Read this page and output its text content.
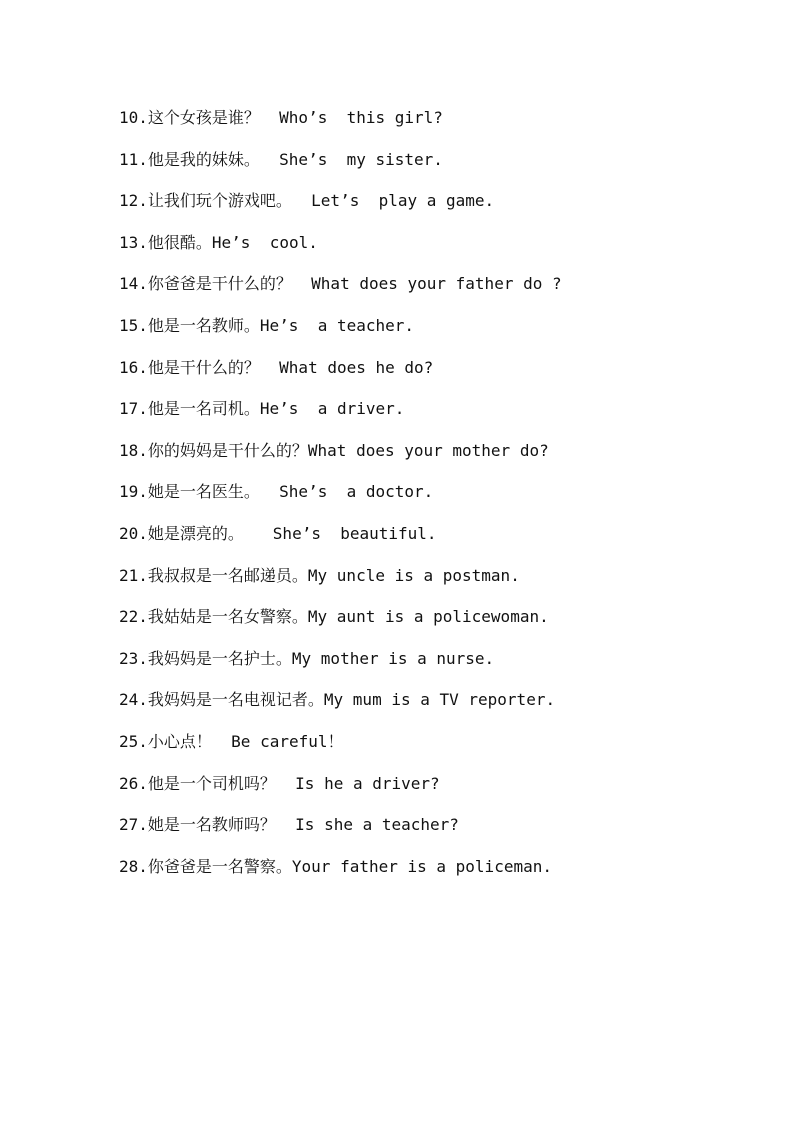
10.这个女孩是谁？  Who’s  this girl?
11.他是我的妹妹。  She’s  my sister.
12.让我们玩个游戏吧。  Let’s  play a game.
13.他很酷。He’s  cool.
14.你爸爸是干什么的？  What does your father do ?
15.他是一名教师。He’s  a teacher.
16.他是干什么的？  What does he do?
17.他是一名司机。He’s  a driver.
18.你的妈妈是干什么的？What does your mother do?
19.她是一名医生。  She’s  a doctor.
20.她是漂亮的。   She’s  beautiful.
21.我叔叔是一名邮递员。My uncle is a postman.
22.我姑姑是一名女警察。My aunt is a policewoman.
23.我妈妈是一名护士。My mother is a nurse.
24.我妈妈是一名电视记者。My mum is a TV reporter.
25.小心点！  Be careful！
26.他是一个司机吗？  Is he a driver?
27.她是一名教师吗？  Is she a teacher?
28.你爸爸是一名警察。Your father is a policeman.
